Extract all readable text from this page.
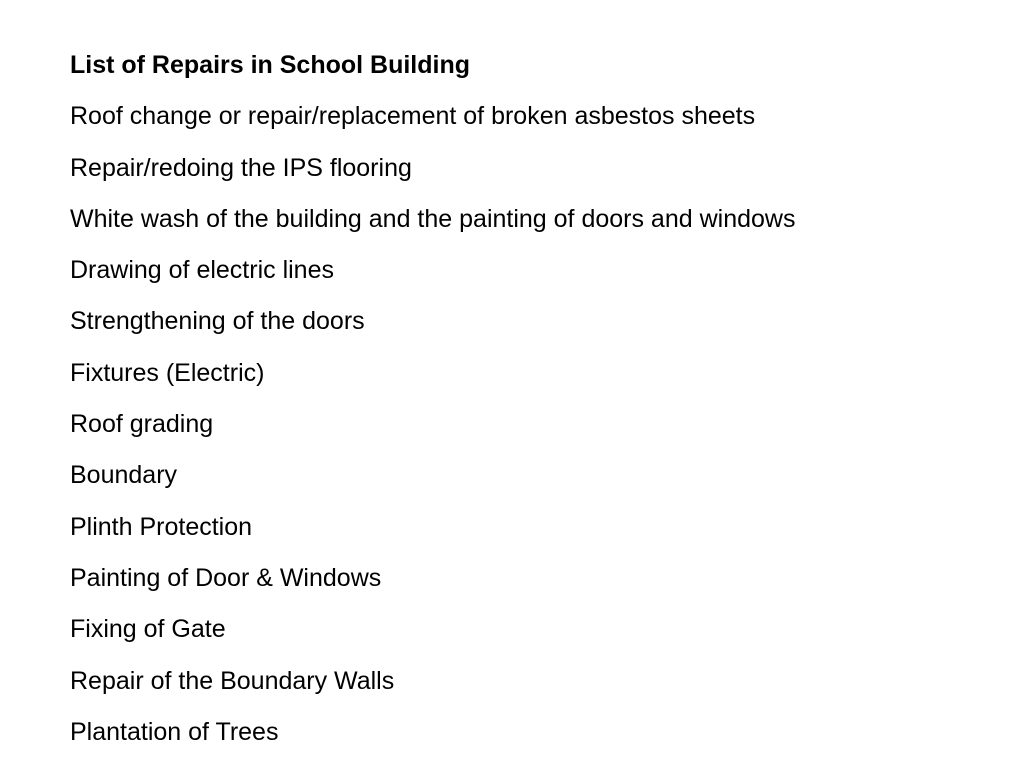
List of Repairs in School Building
Roof change or repair/replacement of broken asbestos sheets
Repair/redoing the IPS flooring
White wash of the building and the painting of doors and windows
Drawing of electric lines
Strengthening of the doors
Fixtures (Electric)
Roof grading
Boundary
Plinth Protection
Painting of Door & Windows
Fixing of Gate
Repair of the Boundary Walls
Plantation of Trees
